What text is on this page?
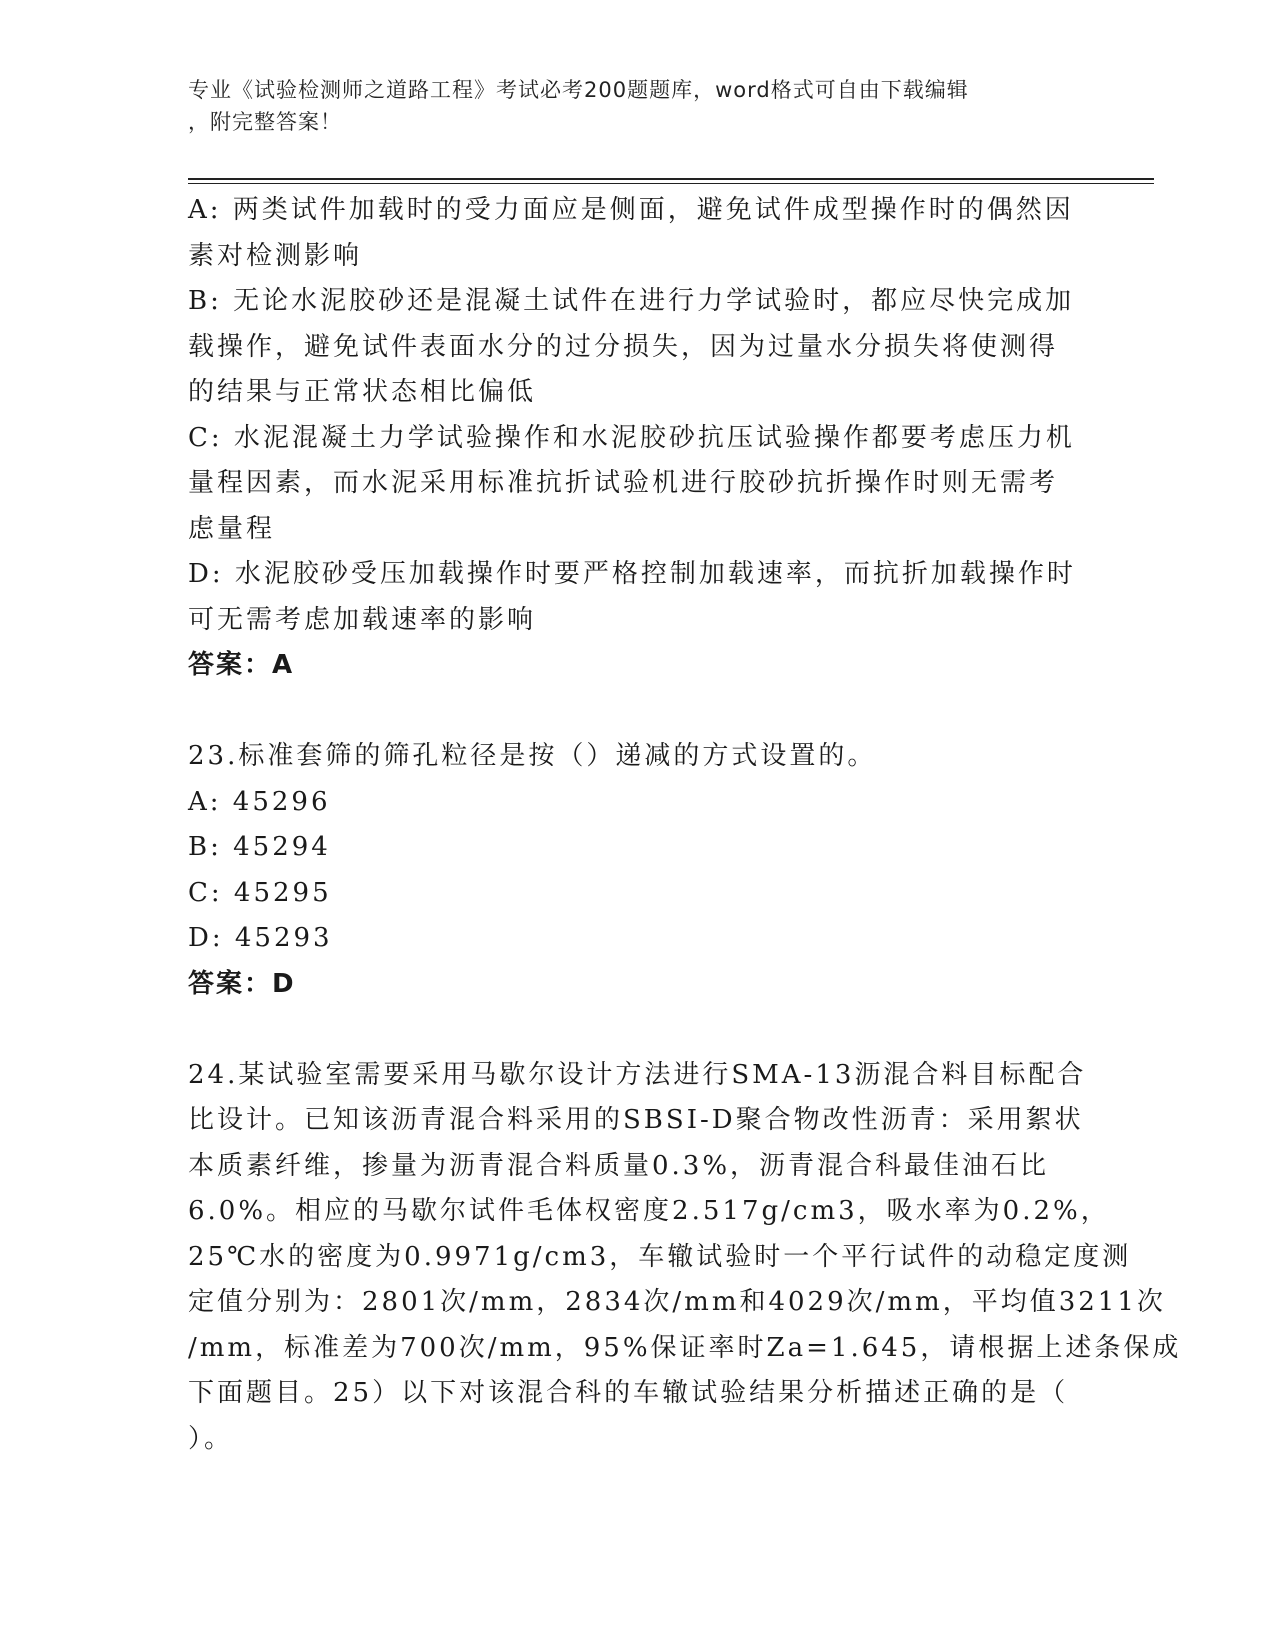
专业《试验检测师之道路工程》考试必考200题题库，word格式可自由下载编辑
，附完整答案！
A: 两类试件加载时的受力面应是侧面，避免试件成型操作时的偶然因
素对检测影响
B: 无论水泥胶砂还是混凝土试件在进行力学试验时，都应尽快完成加
载操作，避免试件表面水分的过分损失，因为过量水分损失将使测得
的结果与正常状态相比偏低
C: 水泥混凝土力学试验操作和水泥胶砂抗压试验操作都要考虑压力机
量程因素，而水泥采用标准抗折试验机进行胶砂抗折操作时则无需考
虑量程
D: 水泥胶砂受压加载操作时要严格控制加载速率，而抗折加载操作时
可无需考虑加载速率的影响
答案：A
23.标准套筛的筛孔粒径是按（）递减的方式设置的。
A: 45296
B: 45294
C: 45295
D: 45293
答案：D
24.某试验室需要采用马歇尔设计方法进行SMA-13沥混合料目标配合
比设计。已知该沥青混合料采用的SBSI-D聚合物改性沥青：采用絮状
本质素纤维，掺量为沥青混合料质量0.3%，沥青混合科最佳油石比
6.0%。相应的马歇尔试件毛体权密度2.517g/cm3，吸水率为0.2%，
25℃水的密度为0.9971g/cm3，车辙试验时一个平行试件的动稳定度测
定值分别为：2801次/mm，2834次/mm和4029次/mm，平均值3211次
/mm，标准差为700次/mm，95%保证率时Za=1.645，请根据上述条保成
下面题目。25）以下对该混合科的车辙试验结果分析描述正确的是（
）。
